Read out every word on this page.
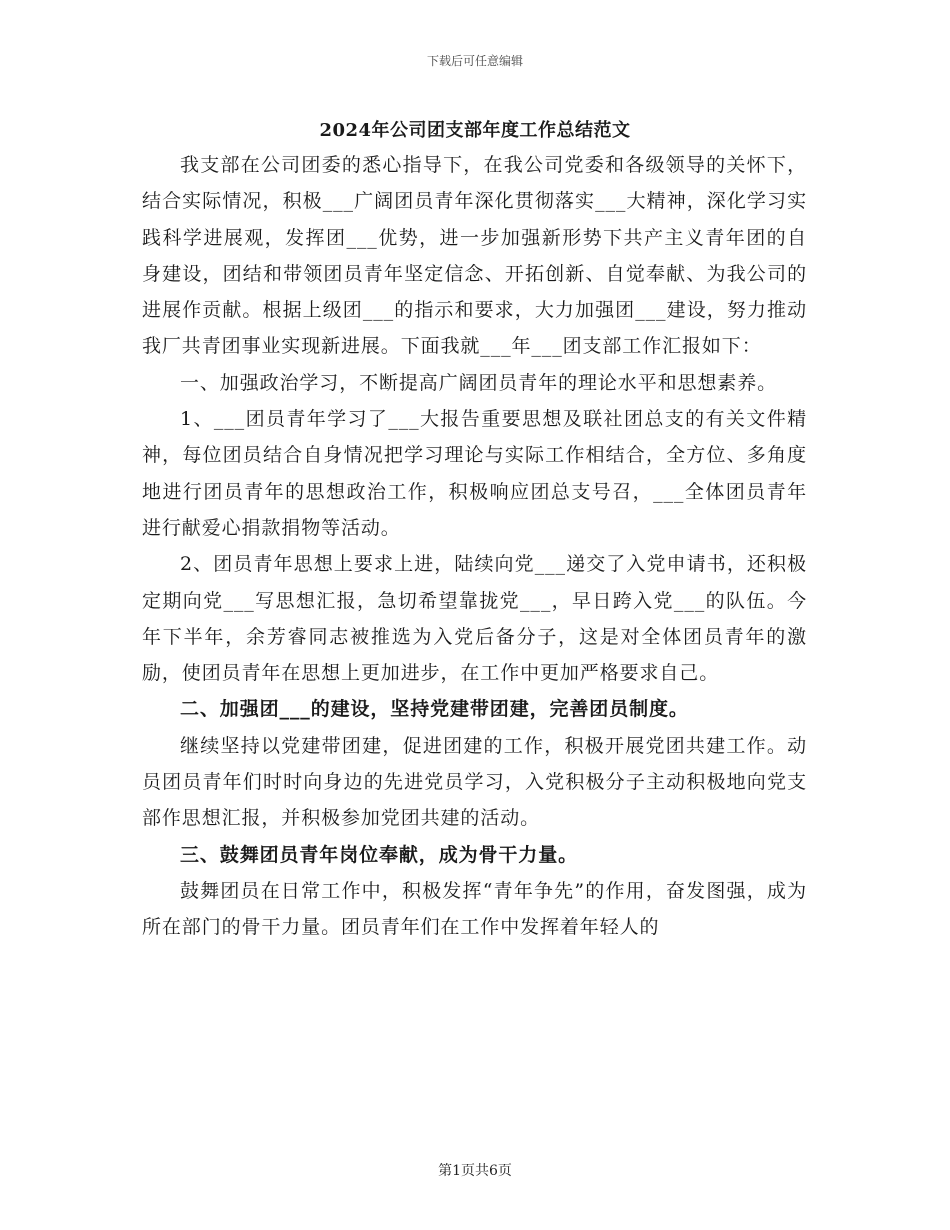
下载后可任意编辑
2024年公司团支部年度工作总结范文

我支部在公司团委的悉心指导下，在我公司党委和各级领导的关怀下，结合实际情况，积极___广阔团员青年深化贯彻落实___大精神，深化学习实践科学进展观，发挥团___优势，进一步加强新形势下共产主义青年团的自身建设，团结和带领团员青年坚定信念、开拓创新、自觉奉献、为我公司的进展作贡献。根据上级团___的指示和要求，大力加强团___建设，努力推动我厂共青团事业实现新进展。下面我就___年___团支部工作汇报如下：

一、加强政治学习，不断提高广阔团员青年的理论水平和思想素养。

1、___团员青年学习了___大报告重要思想及联社团总支的有关文件精神，每位团员结合自身情况把学习理论与实际工作相结合，全方位、多角度地进行团员青年的思想政治工作，积极响应团总支号召，___全体团员青年进行献爱心捐款捐物等活动。

2、团员青年思想上要求上进，陆续向党___递交了入党申请书，还积极定期向党___写思想汇报，急切希望靠拢党___，早日跨入党___的队伍。今年下半年，余芳睿同志被推选为入党后备分子，这是对全体团员青年的激励，使团员青年在思想上更加进步，在工作中更加严格要求自己。

二、加强团___的建设，坚持党建带团建，完善团员制度。

继续坚持以党建带团建，促进团建的工作，积极开展党团共建工作。动员团员青年们时时向身边的先进党员学习，入党积极分子主动积极地向党支部作思想汇报，并积极参加党团共建的活动。

三、鼓舞团员青年岗位奉献，成为骨干力量。

鼓舞团员在日常工作中，积极发挥“青年争先”的作用，奋发图强，成为所在部门的骨干力量。团员青年们在工作中发挥着年轻人的

第1页共6页
